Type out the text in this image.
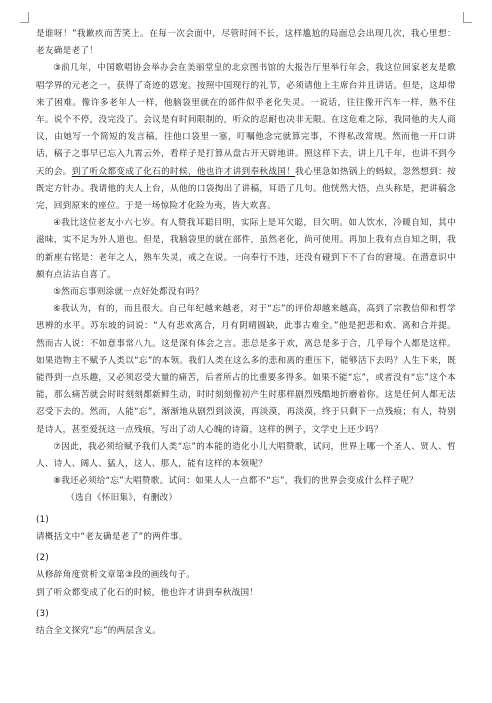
是谁呀！”我歉疚而苦笑上。在每一次会面中，尽管时间不长，这样尴尬的局面总会出现几次，我心里想：老友确是老了！

③前几年，中国歌唱协会举办会在美丽堂皇的北京图书馆的大报告厅里举行年会，我这位回家老友是歌唱学界的元老之一，获得了奇迹的恩宠。按照中国现行的礼节，必须请他上主席台并且讲话。但是，这却带来了困难。像许多老年人一样，他脑袋里就在的部件似乎老化失灵。一说话，往往像开汽车一样，熟不住车。说个不停，没完没了。会议是有时间限制的，听众的忍耐也决非无限。在这危难之际，我同他的夫人商议，由她写一个简短的发言稿，往他口袋里一塞，叮嘱他念完就算完事，不得私改常规。然而他一开口讲话，稿子之事早已忘入九霄云外，看样子是打算从盘古开天辟地讲。照这样下去，讲上几千年，也讲不到今天的会。到了听众都变成了化石的时候，他也许才讲到奉秋战国！我心里急如热锅上的蚂蚁，忽然想到：按既定方针办。我请他的夫人上台，从他的口袋掏出了讲稿，耳语了几句。他恍然大悟，点头称是，把讲稿念完，回到原来的座位。于是一场惊险才化险为夷，皆大欢喜。

④我比这位老友小六七岁。有人赞我耳聪目明，实际上是耳欠聪，目欠明。如人饮水，冷暖自知，其中滋味，实不足为外人道也。但是，我脑袋里的就在部件，虽然老化，尚可使用。再加上我有点自知之明，我的新座右铭是：老年之人，熟车失灵，戒之在说。一向奉行不违，还没有碰到下不了台的窘境。在潜意识中颇有点沾沾自喜了。

⑤然而忘事则涂就一点好处都没有吗？

⑥我认为，有的，而且很大。自己年纪越来越老，对于“忘”的评价却越来越高，高到了宗教信仰和哲学思辨的水平。苏东坡的词说：“人有悲欢离合，月有阴晴圆缺，此事古难全。”他是把悲和欢、离和合并提。然而古人说：不如意事常八九。这是深有体会之言。悲总是多于欢，离总是多于合，几乎每个人都是这样。如果造物主不赋予人类以“忘”的本领。我们人类在这么多的悲和离的重压下，能够活下去吗？人生下来，既能得到一点乐趣，又必须忍受大量的痛苦，后者所占的比重要多得多。如果不能“忘”，或者没有“忘”这个本能，那么痛苦就会时时刻刻都新鲜生动，时时刻刻像初产生时那样剧烈残酷地折磨着你。这是任何人都无法忍受下去的。然而，人能“忘”，渐渐地从剧烈到淡漠，再淡漠，再淡漠，终于只剩下一点残痕；有人，特别是诗人，甚至爱抚这一点残痕，写出了动人心魄的诗篇，这样的例子，文学史上还少吗？

⑦因此，我必须给赋予我们人类“忘”的本能的造化小儿大唱赞歌，试问，世界上哪一个圣人、贤人、哲人、诗人、阔人、猛人，这人、那人，能有这样的本领呢？

⑧我还必须给“忘”大唱赞歌。试问：如果人人一点都不“忘”，我们的世界会变成什么样子呢？

（选自《怀旧集》，有删改）

(1)

请概括文中“老友确是老了”的两件事。

(2)

从修辞角度赏析文章第③段的画线句子。

到了听众都变成了化石的时候，他也许才讲到奉秋战国！

(3)

结合全文探究“忘”的两层含义。
